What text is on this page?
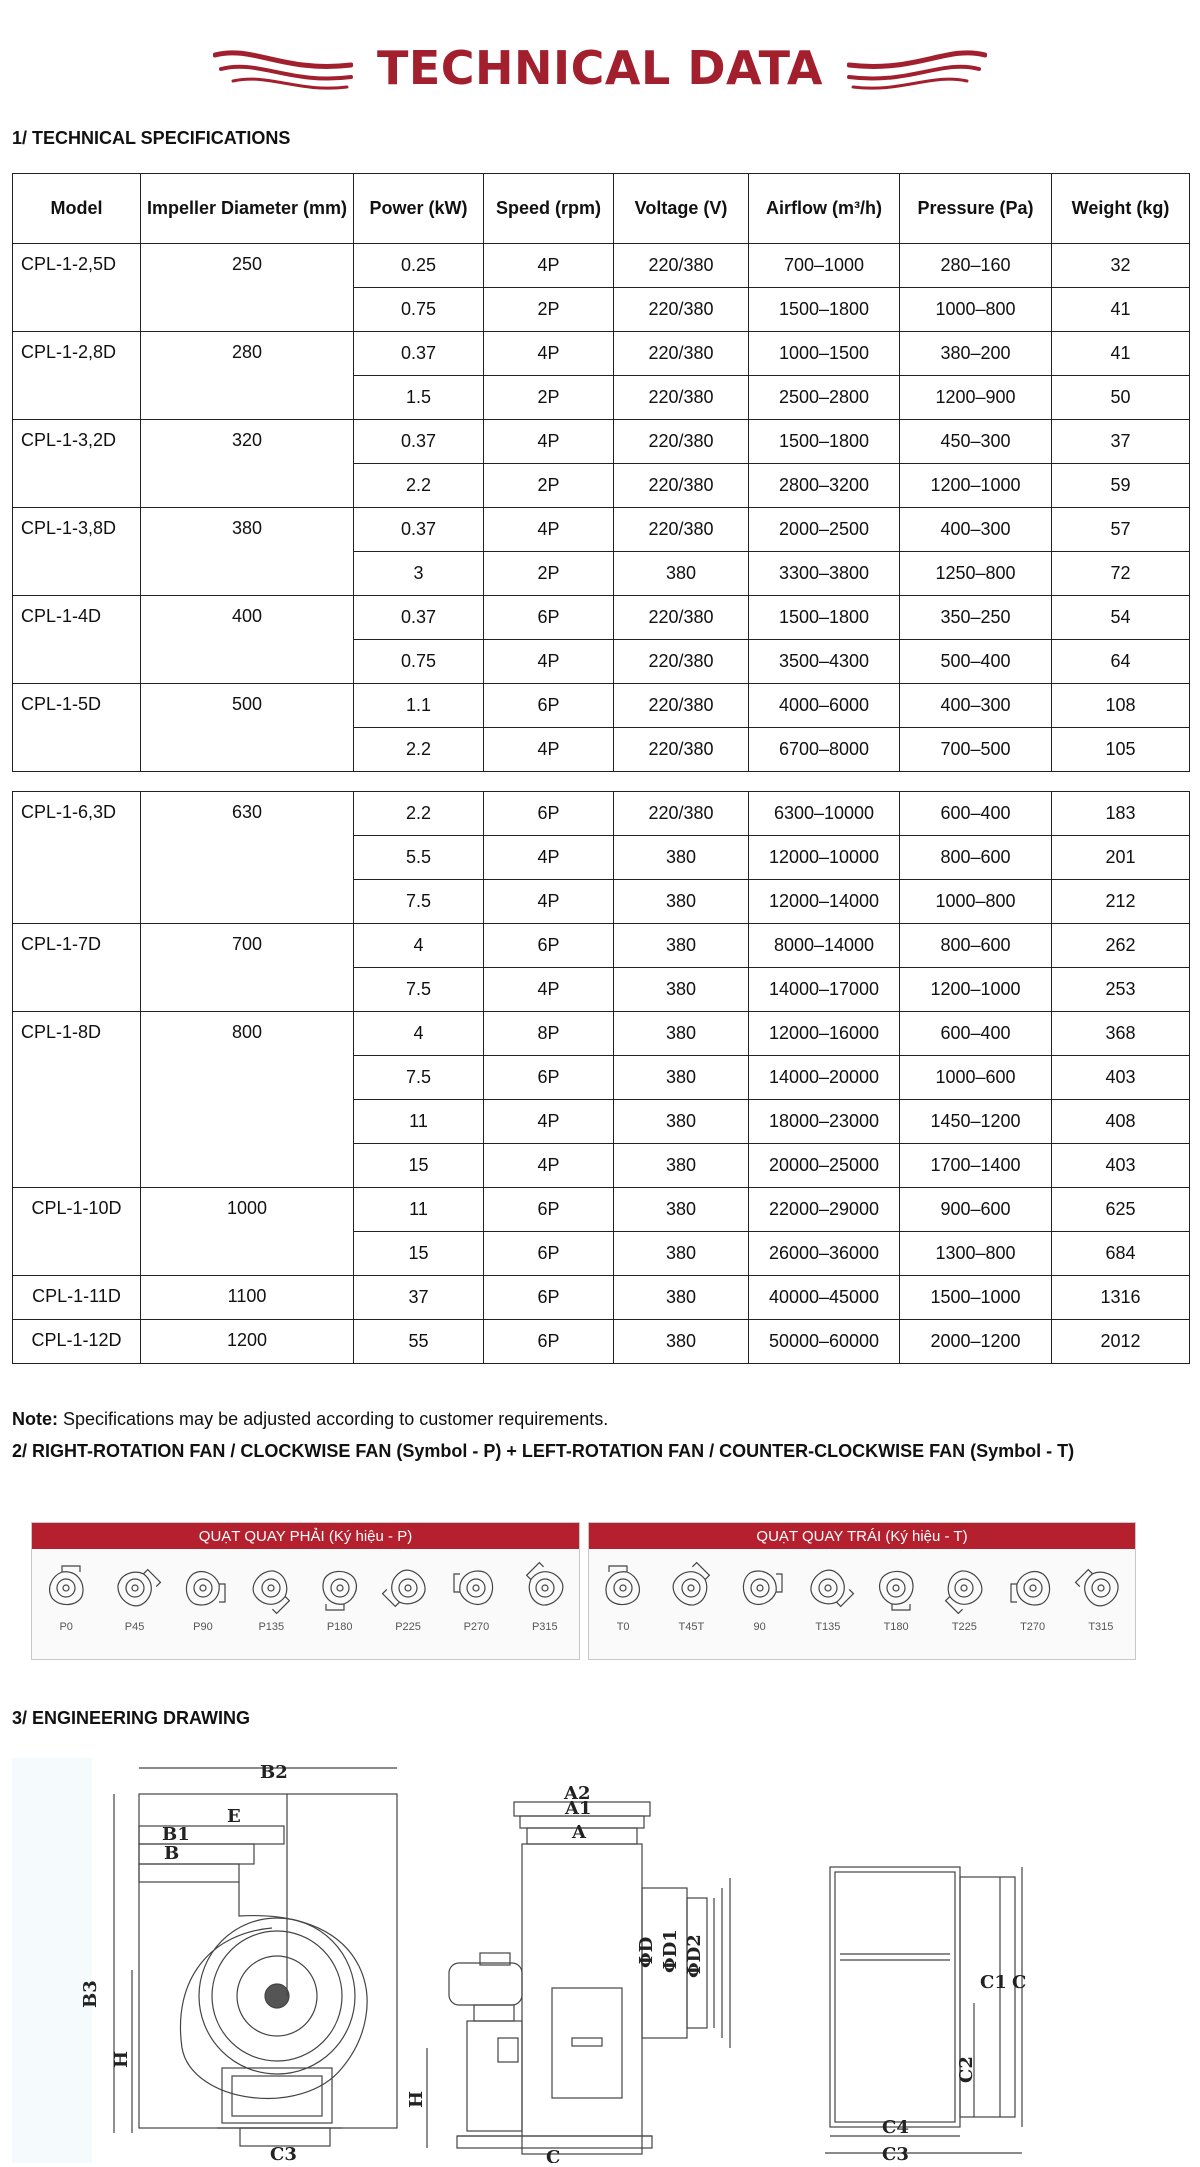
TECHNICAL DATA
1/ TECHNICAL SPECIFICATIONS
Model	Impeller Diameter (mm)	Power (kW)	Speed (rpm)	Voltage (V)	Airflow (m³/h)	Pressure (Pa)	Weight (kg)
CPL-1-2,5D	250	0.25	4P	220/380	700–1000	280–160	32
		0.75	2P	220/380	1500–1800	1000–800	41
CPL-1-2,8D	280	0.37	4P	220/380	1000–1500	380–200	41
		1.5	2P	220/380	2500–2800	1200–900	50
CPL-1-3,2D	320	0.37	4P	220/380	1500–1800	450–300	37
		2.2	2P	220/380	2800–3200	1200–1000	59
CPL-1-3,8D	380	0.37	4P	220/380	2000–2500	400–300	57
		3	2P	380	3300–3800	1250–800	72
CPL-1-4D	400	0.37	6P	220/380	1500–1800	350–250	54
		0.75	4P	220/380	3500–4300	500–400	64
CPL-1-5D	500	1.1	6P	220/380	4000–6000	400–300	108
		2.2	4P	220/380	6700–8000	700–500	105
CPL-1-6,3D	630	2.2	6P	220/380	6300–10000	600–400	183
		5.5	4P	380	12000–10000	800–600	201
		7.5	4P	380	12000–14000	1000–800	212
CPL-1-7D	700	4	6P	380	8000–14000	800–600	262
		7.5	4P	380	14000–17000	1200–1000	253
CPL-1-8D	800	4	8P	380	12000–16000	600–400	368
		7.5	6P	380	14000–20000	1000–600	403
		11	4P	380	18000–23000	1450–1200	408
		15	4P	380	20000–25000	1700–1400	403
CPL-1-10D	1000	11	6P	380	22000–29000	900–600	625
		15	6P	380	26000–36000	1300–800	684
CPL-1-11D	1100	37	6P	380	40000–45000	1500–1000	1316
CPL-1-12D	1200	55	6P	380	50000–60000	2000–1200	2012
Note: Specifications may be adjusted according to customer requirements.
2/ RIGHT-ROTATION FAN / CLOCKWISE FAN (Symbol - P) + LEFT-ROTATION FAN / COUNTER-CLOCKWISE FAN (Symbol - T)
QUẠT QUAY PHẢI (Ký hiệu - P)
P0	P45	P90	P135	P180	P225	P270	P315
QUẠT QUAY TRÁI (Ký hiệu - T)
T0	T45T	90	T135	T180	T225	T270	T315
3/ ENGINEERING DRAWING
B2
E
B1
B
B3
H
C3
A2
A1
A
ΦD ΦD1 ΦD2
H
C
C1 C
C2
C4
C3
